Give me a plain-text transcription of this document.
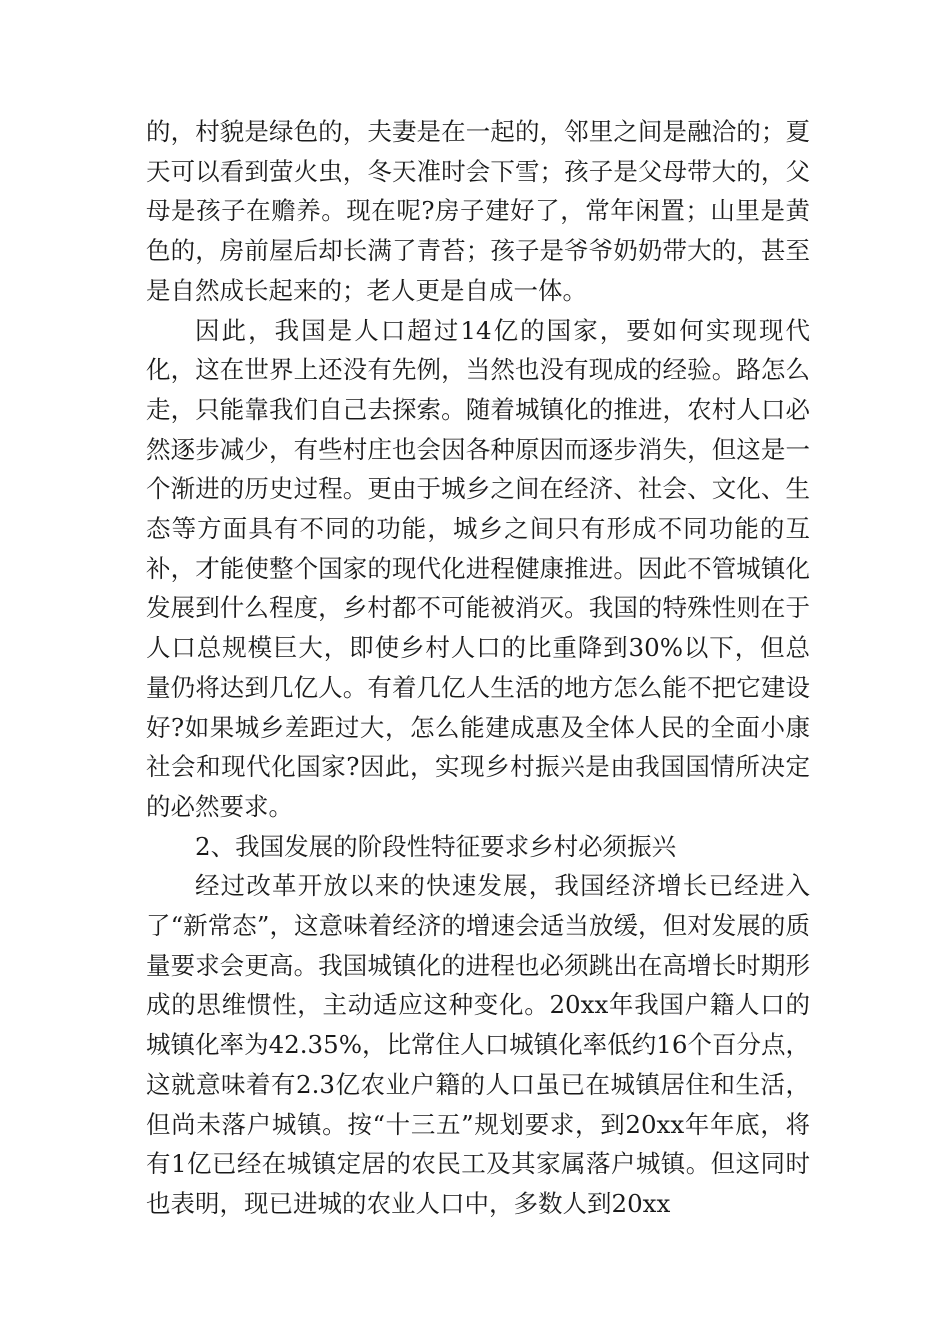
的，村貌是绿色的，夫妻是在一起的，邻里之间是融洽的；夏天可以看到萤火虫，冬天准时会下雪；孩子是父母带大的，父母是孩子在赡养。现在呢?房子建好了，常年闲置；山里是黄色的，房前屋后却长满了青苔；孩子是爷爷奶奶带大的，甚至是自然成长起来的；老人更是自成一体。

因此，我国是人口超过14亿的国家，要如何实现现代化，这在世界上还没有先例，当然也没有现成的经验。路怎么走，只能靠我们自己去探索。随着城镇化的推进，农村人口必然逐步减少，有些村庄也会因各种原因而逐步消失，但这是一个渐进的历史过程。更由于城乡之间在经济、社会、文化、生态等方面具有不同的功能，城乡之间只有形成不同功能的互补，才能使整个国家的现代化进程健康推进。因此不管城镇化发展到什么程度，乡村都不可能被消灭。我国的特殊性则在于人口总规模巨大，即使乡村人口的比重降到30%以下，但总量仍将达到几亿人。有着几亿人生活的地方怎么能不把它建设好?如果城乡差距过大，怎么能建成惠及全体人民的全面小康社会和现代化国家?因此，实现乡村振兴是由我国国情所决定的必然要求。

2、我国发展的阶段性特征要求乡村必须振兴

经过改革开放以来的快速发展，我国经济增长已经进入了“新常态”，这意味着经济的增速会适当放缓，但对发展的质量要求会更高。我国城镇化的进程也必须跳出在高增长时期形成的思维惯性，主动适应这种变化。20xx年我国户籍人口的城镇化率为42.35%，比常住人口城镇化率低约16个百分点，这就意味着有2.3亿农业户籍的人口虽已在城镇居住和生活，但尚未落户城镇。按“十三五”规划要求，到20xx年年底，将有1亿已经在城镇定居的农民工及其家属落户城镇。但这同时也表明，现已进城的农业人口中，多数人到20xx
